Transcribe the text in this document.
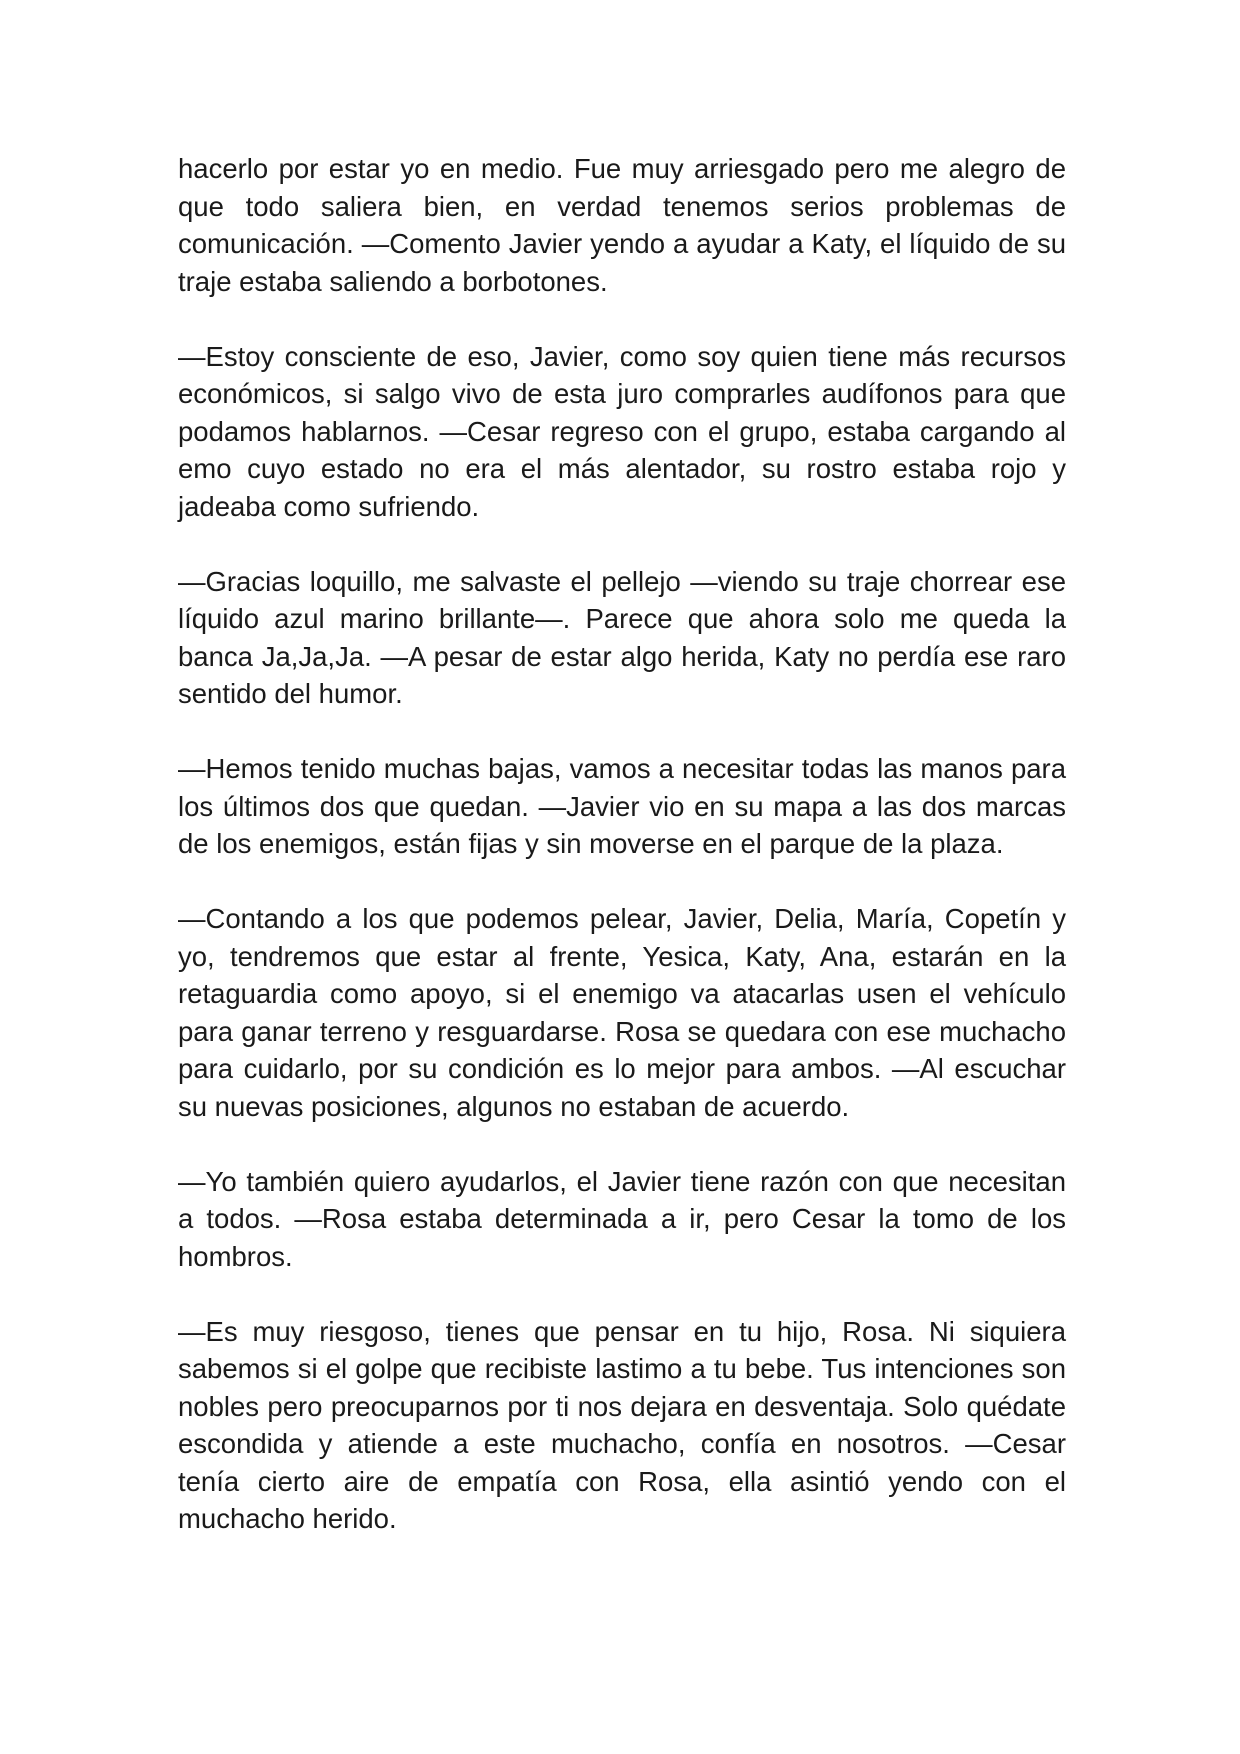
hacerlo por estar yo en medio. Fue muy arriesgado pero me alegro de que todo saliera bien, en verdad tenemos serios problemas de comunicación. —Comento Javier yendo a ayudar a Katy, el líquido de su traje estaba saliendo a borbotones.

—Estoy consciente de eso, Javier, como soy quien tiene más recursos económicos, si salgo vivo de esta juro comprarles audífonos para que podamos hablarnos. —Cesar regreso con el grupo, estaba cargando al emo cuyo estado no era el más alentador, su rostro estaba rojo y jadeaba como sufriendo.

—Gracias loquillo, me salvaste el pellejo —viendo su traje chorrear ese líquido azul marino brillante—. Parece que ahora solo me queda la banca Ja,Ja,Ja. —A pesar de estar algo herida, Katy no perdía ese raro sentido del humor.

—Hemos tenido muchas bajas, vamos a necesitar todas las manos para los últimos dos que quedan. —Javier vio en su mapa a las dos marcas de los enemigos, están fijas y sin moverse en el parque de la plaza.

—Contando a los que podemos pelear, Javier, Delia, María, Copetín y yo, tendremos que estar al frente, Yesica, Katy, Ana, estarán en la retaguardia como apoyo, si el enemigo va atacarlas usen el vehículo para ganar terreno y resguardarse. Rosa se quedara con ese muchacho para cuidarlo, por su condición es lo mejor para ambos. —Al escuchar su nuevas posiciones, algunos no estaban de acuerdo.

—Yo también quiero ayudarlos, el Javier tiene razón con que necesitan a todos. —Rosa estaba determinada a ir, pero Cesar la tomo de los hombros.

—Es muy riesgoso, tienes que pensar en tu hijo, Rosa. Ni siquiera sabemos si el golpe que recibiste lastimo a tu bebe. Tus intenciones son nobles pero preocuparnos por ti nos dejara en desventaja. Solo quédate escondida y atiende a este muchacho, confía en nosotros. —Cesar tenía cierto aire de empatía con Rosa, ella asintió yendo con el muchacho herido.
